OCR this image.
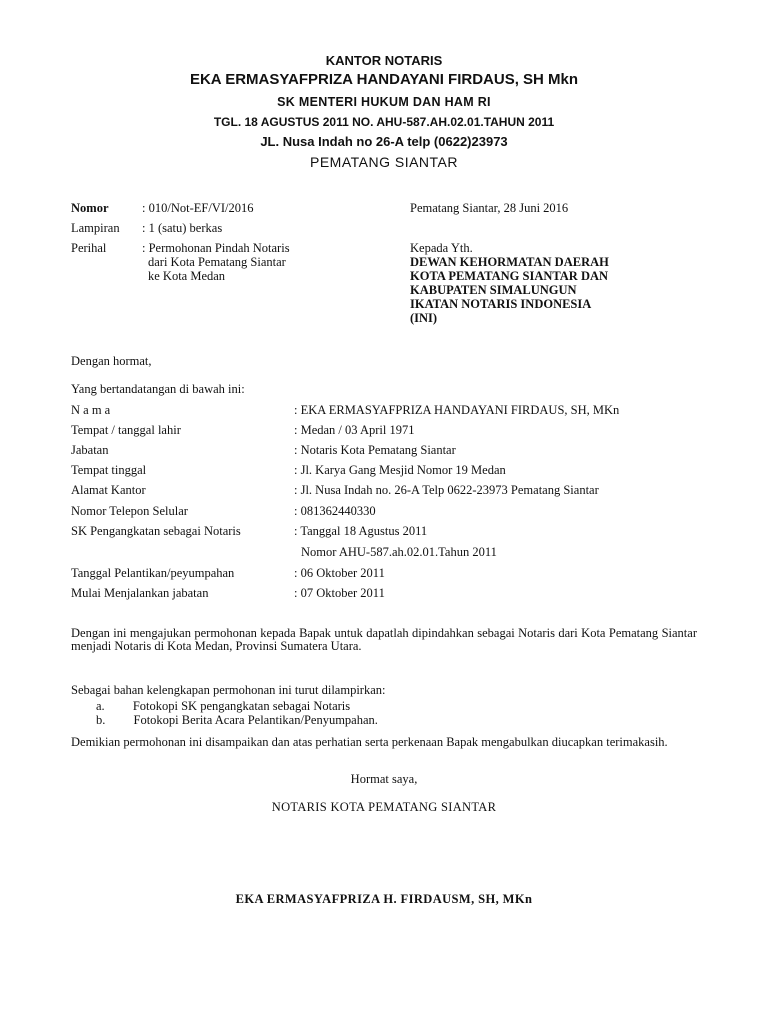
KANTOR NOTARIS
EKA ERMASYAFPRIZA HANDAYANI FIRDAUS, SH Mkn
SK MENTERI HUKUM DAN HAM RI
TGL. 18 AGUSTUS 2011 NO. AHU-587.AH.02.01.TAHUN 2011
JL. Nusa Indah no 26-A telp (0622)23973
PEMATANG SIANTAR
Nomor	: 010/Not-EF/VI/2016
Lampiran : 1 (satu) berkas
Perihal	: Permohonan Pindah Notaris
dari Kota Pematang Siantar
ke Kota Medan
Pematang Siantar, 28 Juni 2016
Kepada Yth.
DEWAN KEHORMATAN DAERAH
KOTA PEMATANG SIANTAR DAN
KABUPATEN SIMALUNGUN
IKATAN NOTARIS INDONESIA
(INI)
Dengan hormat,
Yang bertandatangan di bawah ini:
N a m a	: EKA ERMASYAFPRIZA HANDAYANI FIRDAUS, SH, MKn
Tempat / tanggal lahir	: Medan / 03 April 1971
Jabatan	: Notaris Kota Pematang Siantar
Tempat tinggal	: Jl. Karya Gang Mesjid Nomor 19 Medan
Alamat Kantor	: Jl. Nusa Indah no. 26-A Telp 0622-23973 Pematang Siantar
Nomor Telepon Selular	: 081362440330
SK Pengangkatan sebagai Notaris	: Tanggal 18 Agustus 2011
Nomor AHU-587.ah.02.01.Tahun 2011
Tanggal Pelantikan/peyumpahan	: 06 Oktober 2011
Mulai Menjalankan jabatan	: 07 Oktober 2011
Dengan ini mengajukan permohonan kepada Bapak untuk dapatlah dipindahkan sebagai Notaris dari Kota Pematang Siantar menjadi Notaris di Kota Medan, Provinsi Sumatera Utara.
Sebagai bahan kelengkapan permohonan ini turut dilampirkan:
a. Fotokopi SK pengangkatan sebagai Notaris
b. Fotokopi Berita Acara Pelantikan/Penyumpahan.
Demikian permohonan ini disampaikan dan atas perhatian serta perkenaan Bapak mengabulkan diucapkan terimakasih.
Hormat saya,
NOTARIS KOTA PEMATANG SIANTAR
EKA ERMASYAFPRIZA H. FIRDAUSM, SH, MKn
